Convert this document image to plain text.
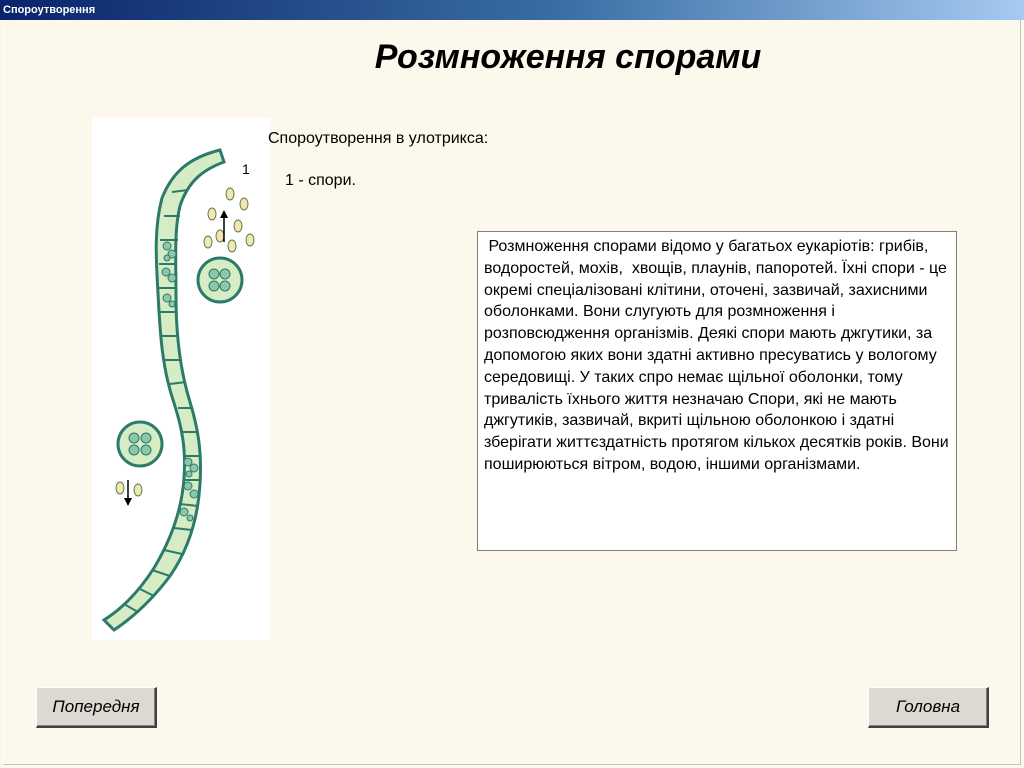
Спороутворення
Розмноження спорами
1
Спороутворення в улотрикса:
1 - спори.
Розмноження спорами відомо у багатьох еукаріотів: грибів, водоростей, мохів,  хвощів, плаунів, папоротей. Їхні спори - це окремі спеціалізовані клітини, оточені, зазвичай, захисними оболонками. Вони слугують для розмноження і розповсюдження організмів. Деякі спори мають джгутики, за допомогою яких вони здатні активно пресуватись у вологому середовищі. У таких спро немає щільної оболонки, тому тривалість їхнього життя незначаю Спори, які не мають джгутиків, зазвичай, вкриті щільною оболонкою і здатні зберігати життєздатність протягом кількох десятків років. Вони поширюються вітром, водою, іншими організмами.
Попередня	Головна
